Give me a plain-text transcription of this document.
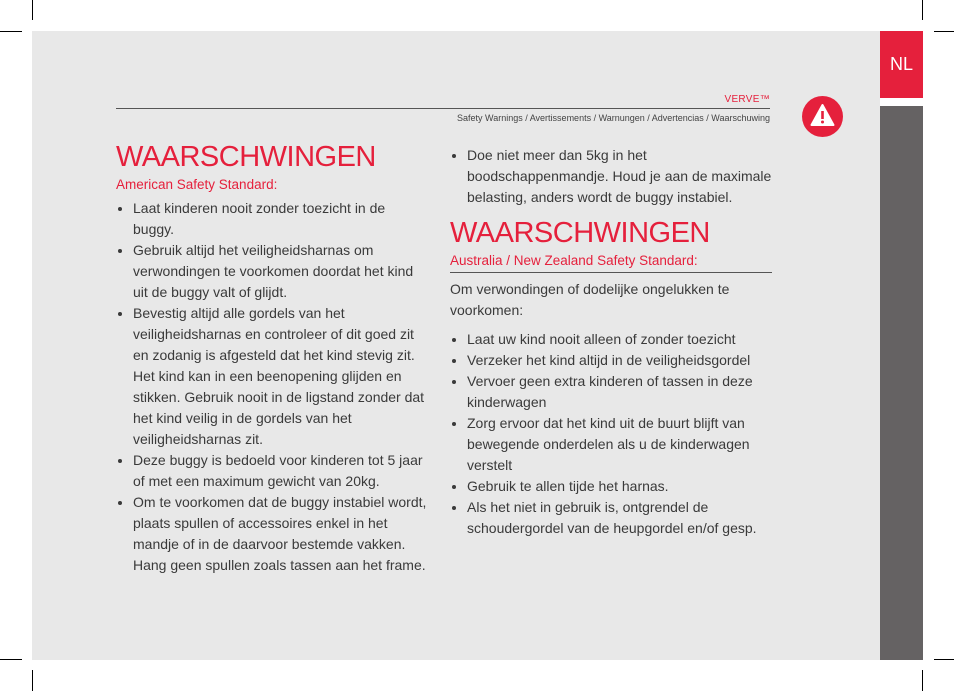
NL
VERVE™
Safety Warnings / Avertissements / Warnungen / Advertencias / Waarschuwing
WAARSCHWINGEN
American Safety Standard:
Laat kinderen nooit zonder toezicht in de buggy.
Gebruik altijd het veiligheidsharnas om verwondingen te voorkomen doordat het kind uit de buggy valt of glijdt.
Bevestig altijd alle gordels van het veiligheidsharnas en controleer of dit goed zit en zodanig is afgesteld dat het kind stevig zit. Het kind kan in een beenopening glijden en stikken. Gebruik nooit in de ligstand zonder dat het kind veilig in de gordels van het veiligheidsharnas zit.
Deze buggy is bedoeld voor kinderen tot 5 jaar of met een maximum gewicht van 20kg.
Om te voorkomen dat de buggy instabiel wordt, plaats spullen of accessoires enkel in het mandje of in de daarvoor bestemde vakken. Hang geen spullen zoals tassen aan het frame.
Doe niet meer dan 5kg in het boodschappenmandje. Houd je aan de maximale belasting, anders wordt de buggy instabiel.
WAARSCHWINGEN
Australia / New Zealand Safety Standard:

Om verwondingen of dodelijke ongelukken te voorkomen:

Laat uw kind nooit alleen of zonder toezicht
Verzeker het kind altijd in de veiligheidsgordel
Vervoer geen extra kinderen of tassen in deze kinderwagen
Zorg ervoor dat het kind uit de buurt blijft van bewegende onderdelen als u de kinderwagen verstelt
Gebruik te allen tijde het harnas.
Als het niet in gebruik is, ontgrendel de schoudergordel van de heupgordel en/of gesp.
